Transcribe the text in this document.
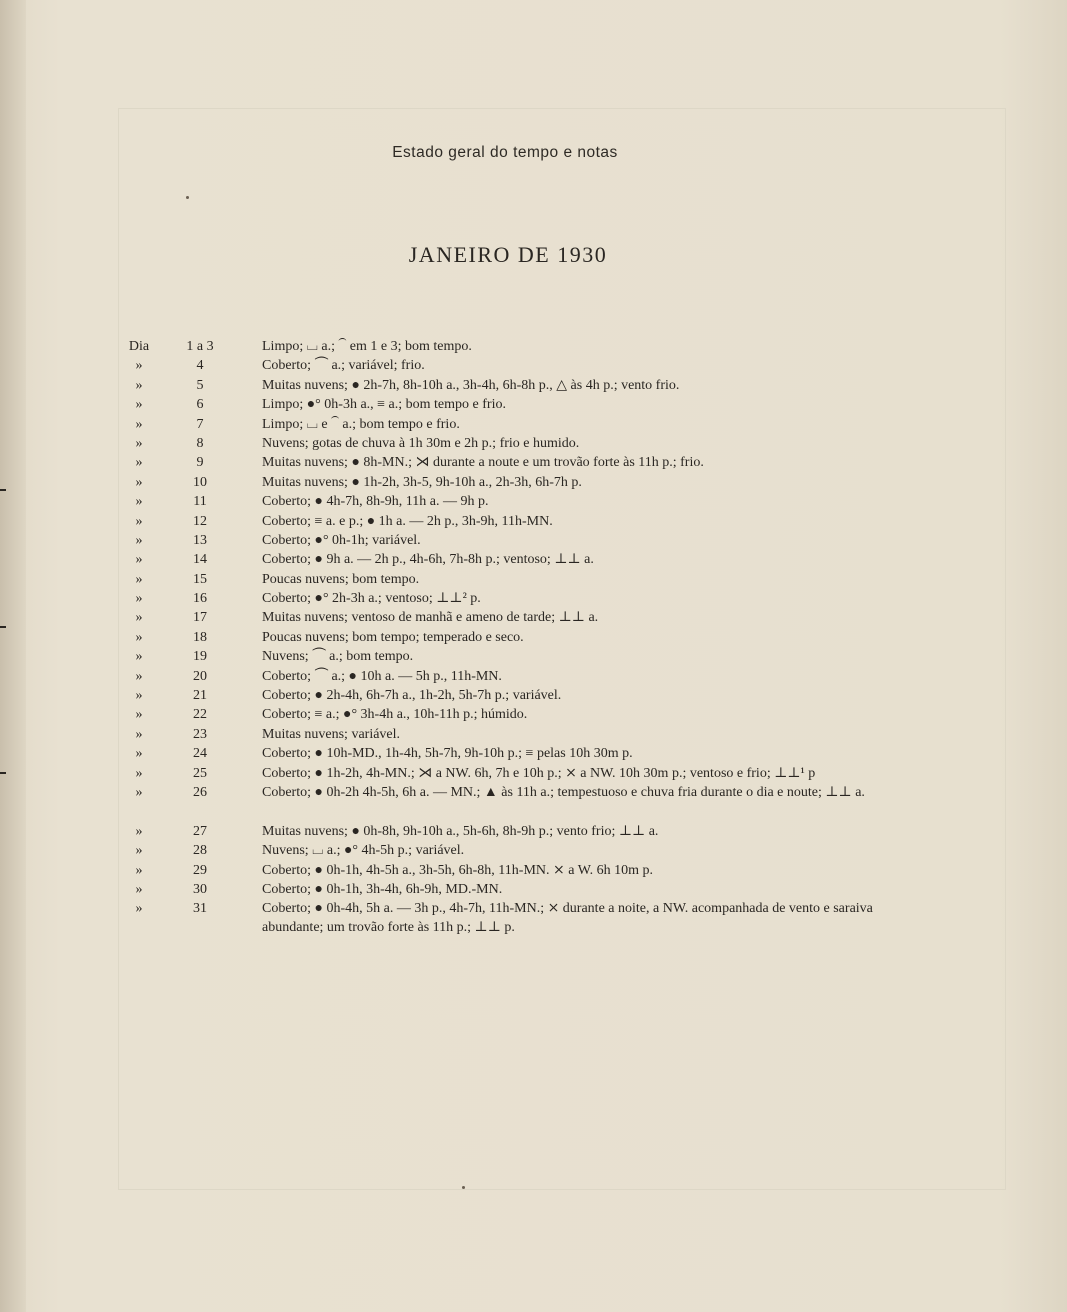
Estado geral do tempo e notas
JANEIRO DE 1930
Dia	1 a 3	Limpo; ⌴ a.; ⏜ em 1 e 3; bom tempo.
»	4	Coberto; ⏜ a.; variável; frio.
»	5	Muitas nuvens; ● 2h-7h, 8h-10h a., 3h-4h, 6h-8h p., △ às 4h p.; vento frio.
»	6	Limpo; ●° 0h-3h a., ≡ a.; bom tempo e frio.
»	7	Limpo; ⌴ e ⏜ a.; bom tempo e frio.
»	8	Nuvens; gotas de chuva à 1h 30m e 2h p.; frio e humido.
»	9	Muitas nuvens; ● 8h-MN.; ⋊ durante a noute e um trovão forte às 11h p.; frio.
»	10	Muitas nuvens; ● 1h-2h, 3h-5, 9h-10h a., 2h-3h, 6h-7h p.
»	11	Coberto; ● 4h-7h, 8h-9h, 11h a. — 9h p.
»	12	Coberto; ≡ a. e p.; ● 1h a. — 2h p., 3h-9h, 11h-MN.
»	13	Coberto; ●° 0h-1h; variável.
»	14	Coberto; ● 9h a. — 2h p., 4h-6h, 7h-8h p.; ventoso; ⊥⊥ a.
»	15	Poucas nuvens; bom tempo.
»	16	Coberto; ●° 2h-3h a.; ventoso; ⊥⊥² p.
»	17	Muitas nuvens; ventoso de manhã e ameno de tarde; ⊥⊥ a.
»	18	Poucas nuvens; bom tempo; temperado e seco.
»	19	Nuvens; ⏜ a.; bom tempo.
»	20	Coberto; ⏜ a.; ● 10h a. — 5h p., 11h-MN.
»	21	Coberto; ● 2h-4h, 6h-7h a., 1h-2h, 5h-7h p.; variável.
»	22	Coberto; ≡ a.; ●° 3h-4h a., 10h-11h p.; húmido.
»	23	Muitas nuvens; variável.
»	24	Coberto; ● 10h-MD., 1h-4h, 5h-7h, 9h-10h p.; ≡ pelas 10h 30m p.
»	25	Coberto; ● 1h-2h, 4h-MN.; ⋊ a NW. 6h, 7h e 10h p.; ⨯ a NW. 10h 30m p.; ventoso e frio; ⊥⊥¹ p
»	26	Coberto; ● 0h-2h 4h-5h, 6h a. — MN.; ▲ às 11h a.; tempestuoso e chuva fria durante o dia e noute; ⊥⊥ a.
»	27	Muitas nuvens; ● 0h-8h, 9h-10h a., 5h-6h, 8h-9h p.; vento frio; ⊥⊥ a.
»	28	Nuvens; ⌴ a.; ●° 4h-5h p.; variável.
»	29	Coberto; ● 0h-1h, 4h-5h a., 3h-5h, 6h-8h, 11h-MN. ⨯ a W. 6h 10m p.
»	30	Coberto; ● 0h-1h, 3h-4h, 6h-9h, MD.-MN.
»	31	Coberto; ● 0h-4h, 5h a. — 3h p., 4h-7h, 11h-MN.; ⨯ durante a noite, a NW. acompanhada de vento e saraiva abundante; um trovão forte às 11h p.; ⊥⊥ p.
